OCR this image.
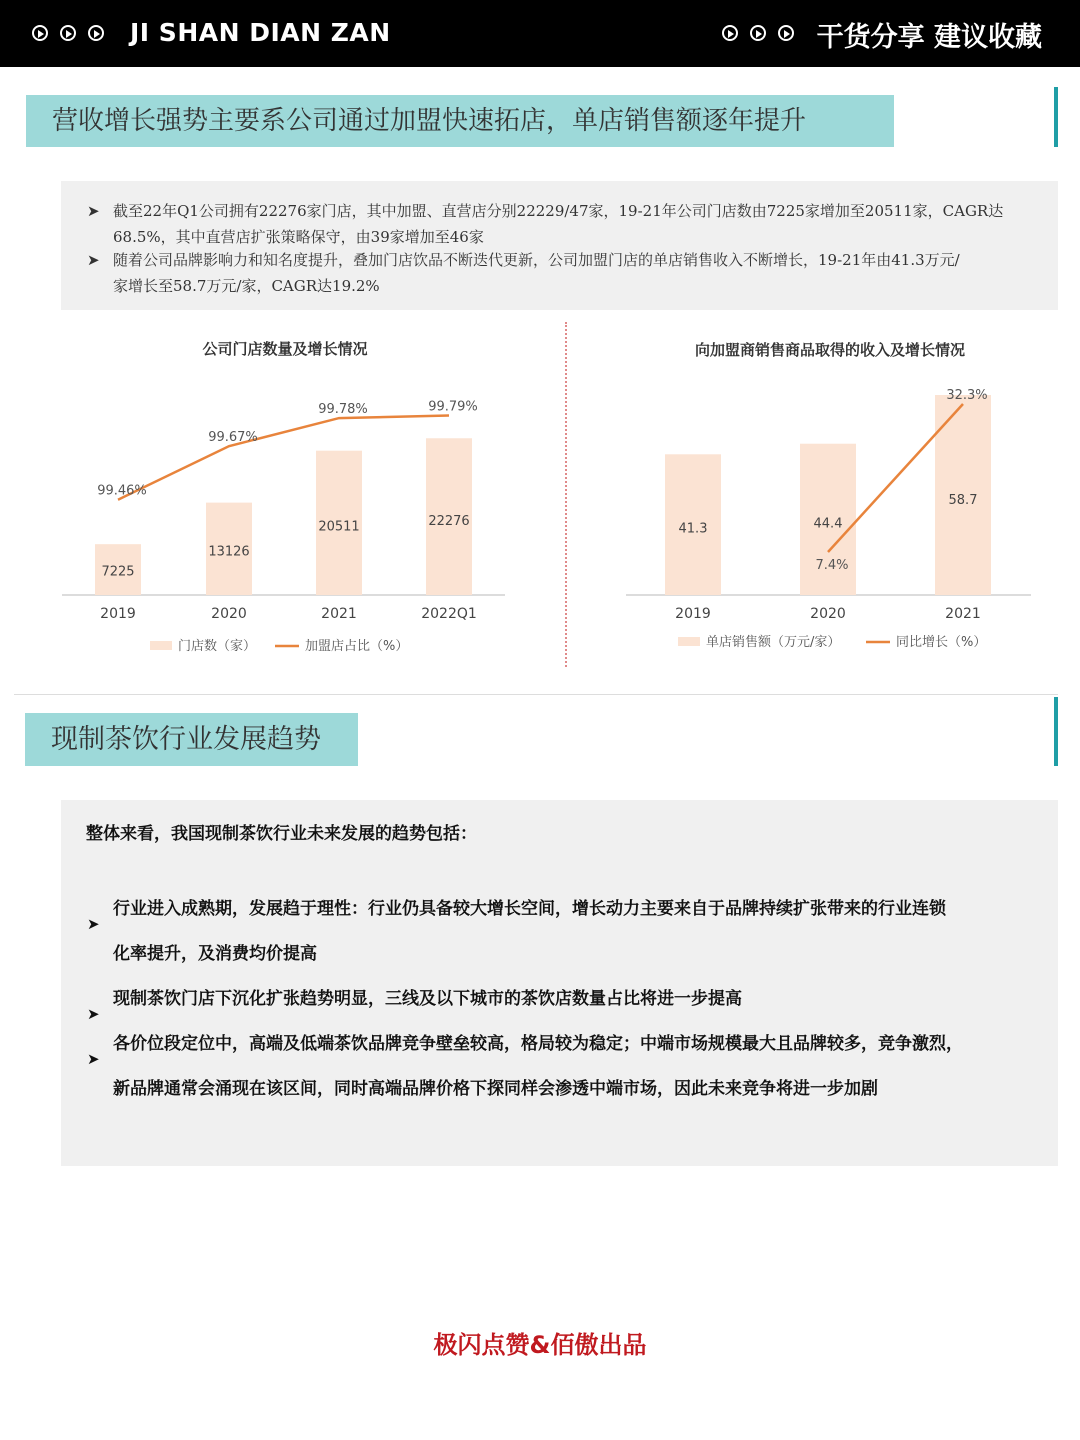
JI SHAN DIAN ZAN	干货分享 建议收藏
营收增长强势主要系公司通过加盟快速拓店，单店销售额逐年提升
➤ 截至22年Q1公司拥有22276家门店，其中加盟、直营店分别22229/47家，19-21年公司门店数由7225家增加至20511家，CAGR达
68.5%，其中直营店扩张策略保守，由39家增加至46家
➤ 随着公司品牌影响力和知名度提升，叠加门店饮品不断迭代更新，公司加盟门店的单店销售收入不断增长，19-21年由41.3万元/
家增长至58.7万元/家，CAGR达19.2%
公司门店数量及增长情况	向加盟商销售商品取得的收入及增长情况
7225
2019
13126
2020
20511
2021
22276
2022Q1
99.46%
99.67%
99.78%	99.79%
门店数（家）	加盟店占比（%）
41.3
2019
44.4
2020
58.7
2021
7.4%
32.3%
单店销售额（万元/家）	同比增长（%）
现制茶饮行业发展趋势
整体来看，我国现制茶饮行业未来发展的趋势包括：
➤
行业进入成熟期，发展趋于理性：行业仍具备较大增长空间，增长动力主要来自于品牌持续扩张带来的行业连锁
化率提升，及消费均价提高
➤
现制茶饮门店下沉化扩张趋势明显，三线及以下城市的茶饮店数量占比将进一步提高
➤
各价位段定位中，高端及低端茶饮品牌竞争壁垒较高，格局较为稳定；中端市场规模最大且品牌较多，竞争激烈，
新品牌通常会涌现在该区间，同时高端品牌价格下探同样会渗透中端市场，因此未来竞争将进一步加剧
极闪点赞&佰傲出品
